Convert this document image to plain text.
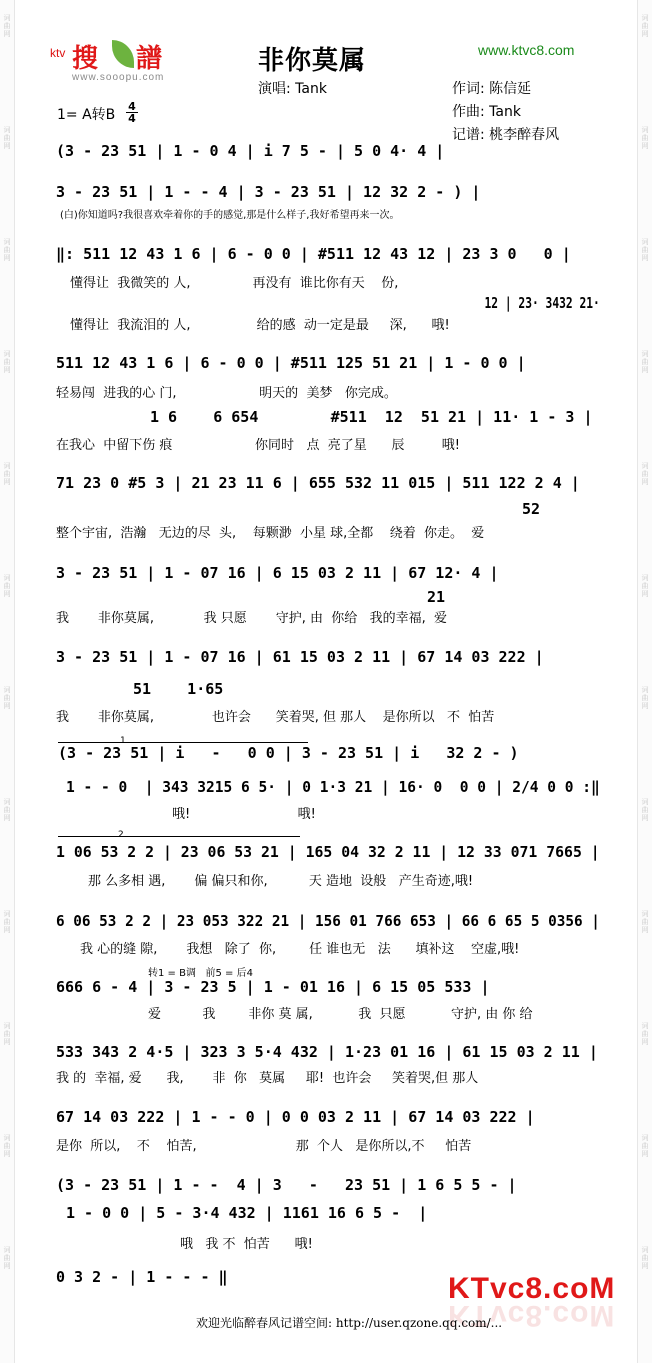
词曲网	词曲网
词曲网	词曲网
词曲网	词曲网
词曲网	词曲网
词曲网	词曲网
词曲网	词曲网
词曲网	词曲网
词曲网	词曲网
词曲网	词曲网
词曲网	词曲网
词曲网	词曲网
词曲网	词曲网
ktv 搜 譜
www.sooopu.com
www.ktvc8.com
非你莫属
演唱: Tank
1= A转B
4
4
作词: 陈信延
作曲: Tank
记谱: 桃李醉春风
(3 - 23 51 | 1 - 0 4 | i 7 5 - | 5 0 4· 4 |
3 - 23 51 | 1 - - 4 | 3 - 23 51 | 12 32 2 - ) |
(白)你知道吗?我很喜欢牵着你的手的感觉,那是什么样子,我好希望再来一次。
‖: 511 12 43 1 6 | 6 - 0 0 | #511 12 43 12 | 23 3 0   0 |
懂得让  我微笑的 人,               再没有  谁比你有天    份,
12 | 23· 3432 21·
懂得让  我流泪的 人,                给的感  动一定是最     深,      哦!
511 12 43 1 6 | 6 - 0 0 | #511 125 51 21 | 1 - 0 0 |
轻易闯  进我的心 门,                    明天的  美梦   你完成。
1 6    6 654        #511  12  51 21 | 11· 1 - 3 |
在我心  中留下伤 痕                    你同时   点  亮了星      辰         哦!
71 23 0 #5 3 | 21 23 11 6 | 655 532 11 015 | 511 122 2 4 |
52
整个宇宙,  浩瀚   无边的尽  头,    每颗渺  小星 球,全都    绕着  你走。  爱
3 - 23 51 | 1 - 07 16 | 6 15 03 2 11 | 67 12· 4 |
21
我       非你莫属,            我 只愿       守护, 由  你给   我的幸福,  爱
3 - 23 51 | 1 - 07 16 | 61 15 03 2 11 | 67 14 03 222 |
51    1·65
我       非你莫属,              也许会      笑着哭, 但 那人    是你所以   不  怕苦
(3 - 23 51 | i   -   0 0 | 3 - 23 51 | i   32 2 - )
1 - - 0  | 343 3215 6 5· | 0 1·3 21 | 16· 0  0 0 | 2/4 0 0 :‖
哦!                          哦!
1 06 53 2 2 | 23 06 53 21 | 165 04 32 2 11 | 12 33 071 7665 |
那 么多相 遇,       偏 偏只和你,          天 造地  设般   产生奇迹,哦!
6 06 53 2 2 | 23 053 322 21 | 156 01 766 653 | 66 6 65 5 0356 |
我 心的缝 隙,       我想   除了  你,        任 谁也无   法      填补这    空虚,哦!
转1 = B调   前5 = 后4
666 6 - 4 | 3 - 23 5 | 1 - 01 16 | 6 15 05 533 |
爱          我        非你 莫 属,           我  只愿           守护, 由 你 给
533 343 2 4·5 | 323 3 5·4 432 | 1·23 01 16 | 61 15 03 2 11 |
我 的  幸福, 爱      我,       非  你   莫属     耶!  也许会     笑着哭,但 那人
67 14 03 222 | 1 - - 0 | 0 0 03 2 11 | 67 14 03 222 |
是你  所以,    不    怕苦,                        那  个人   是你所以,不     怕苦
(3 - 23 51 | 1 - -  4 | 3   -   23 51 | 1 6 5 5 - |
1 - 0 0 | 5 - 3·4 432 | 1161 16 6 5 -  |
哦   我 不  怕苦      哦!
0 3 2 - | 1 - - - ‖
1
2
KTvc8.coM
KTvc8.coM
欢迎光临醉春风记谱空间: http://user.qzone.qq.com/...
